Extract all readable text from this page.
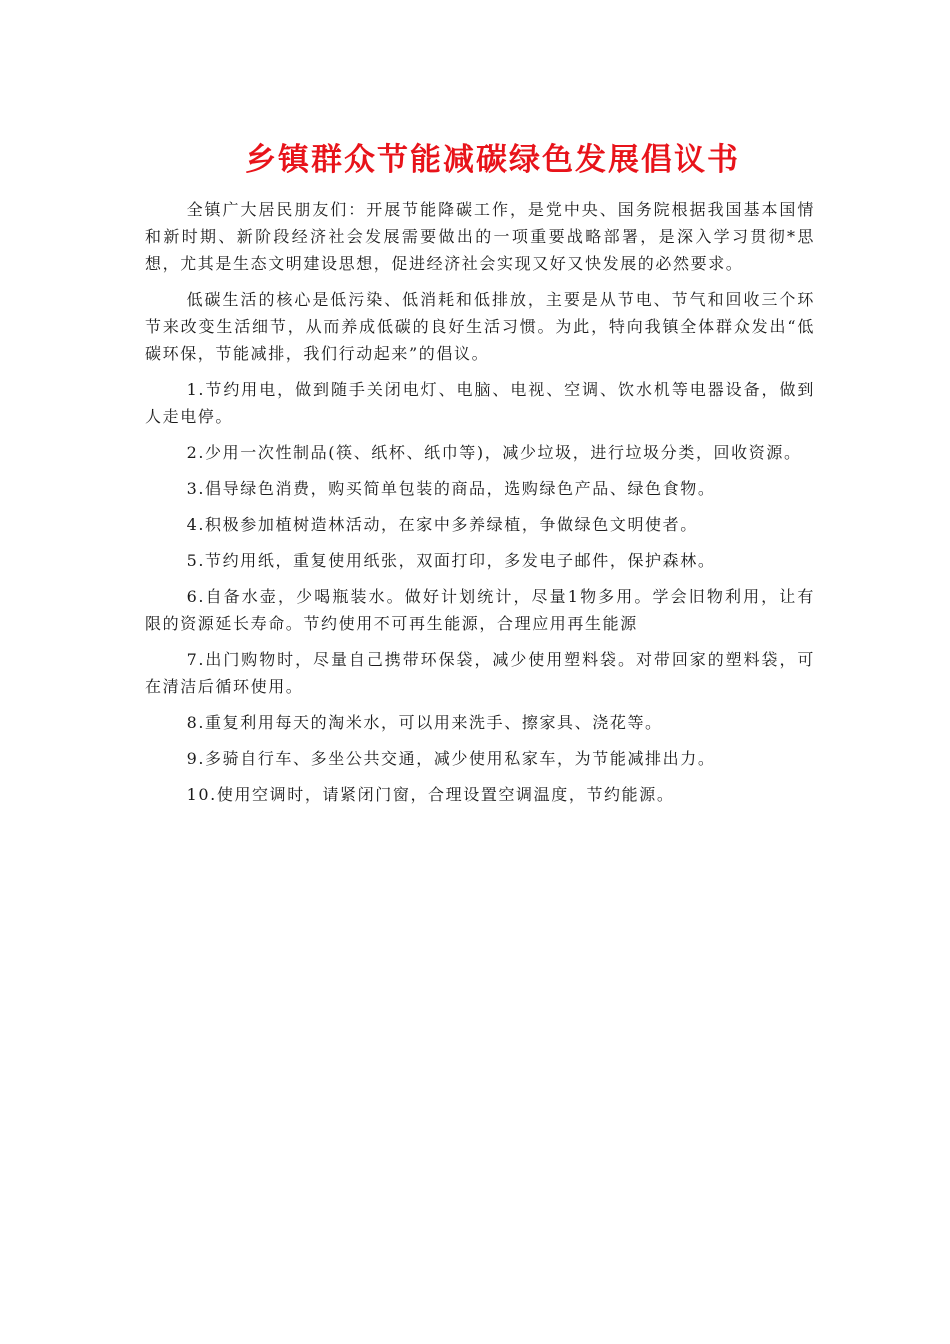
乡镇群众节能减碳绿色发展倡议书

全镇广大居民朋友们：开展节能降碳工作，是党中央、国务院根据我国基本国情和新时期、新阶段经济社会发展需要做出的一项重要战略部署，是深入学习贯彻*思想，尤其是生态文明建设思想，促进经济社会实现又好又快发展的必然要求。

低碳生活的核心是低污染、低消耗和低排放，主要是从节电、节气和回收三个环节来改变生活细节，从而养成低碳的良好生活习惯。为此，特向我镇全体群众发出“低碳环保，节能减排，我们行动起来”的倡议。

1.节约用电，做到随手关闭电灯、电脑、电视、空调、饮水机等电器设备，做到人走电停。

2.少用一次性制品(筷、纸杯、纸巾等)，减少垃圾，进行垃圾分类，回收资源。

3.倡导绿色消费，购买简单包装的商品，选购绿色产品、绿色食物。

4.积极参加植树造林活动，在家中多养绿植，争做绿色文明使者。

5.节约用纸，重复使用纸张，双面打印，多发电子邮件，保护森林。

6.自备水壶，少喝瓶装水。做好计划统计，尽量1物多用。学会旧物利用，让有限的资源延长寿命。节约使用不可再生能源，合理应用再生能源

7.出门购物时，尽量自己携带环保袋，减少使用塑料袋。对带回家的塑料袋，可在清洁后循环使用。

8.重复利用每天的淘米水，可以用来洗手、擦家具、浇花等。

9.多骑自行车、多坐公共交通，减少使用私家车，为节能减排出力。

10.使用空调时，请紧闭门窗，合理设置空调温度，节约能源。
